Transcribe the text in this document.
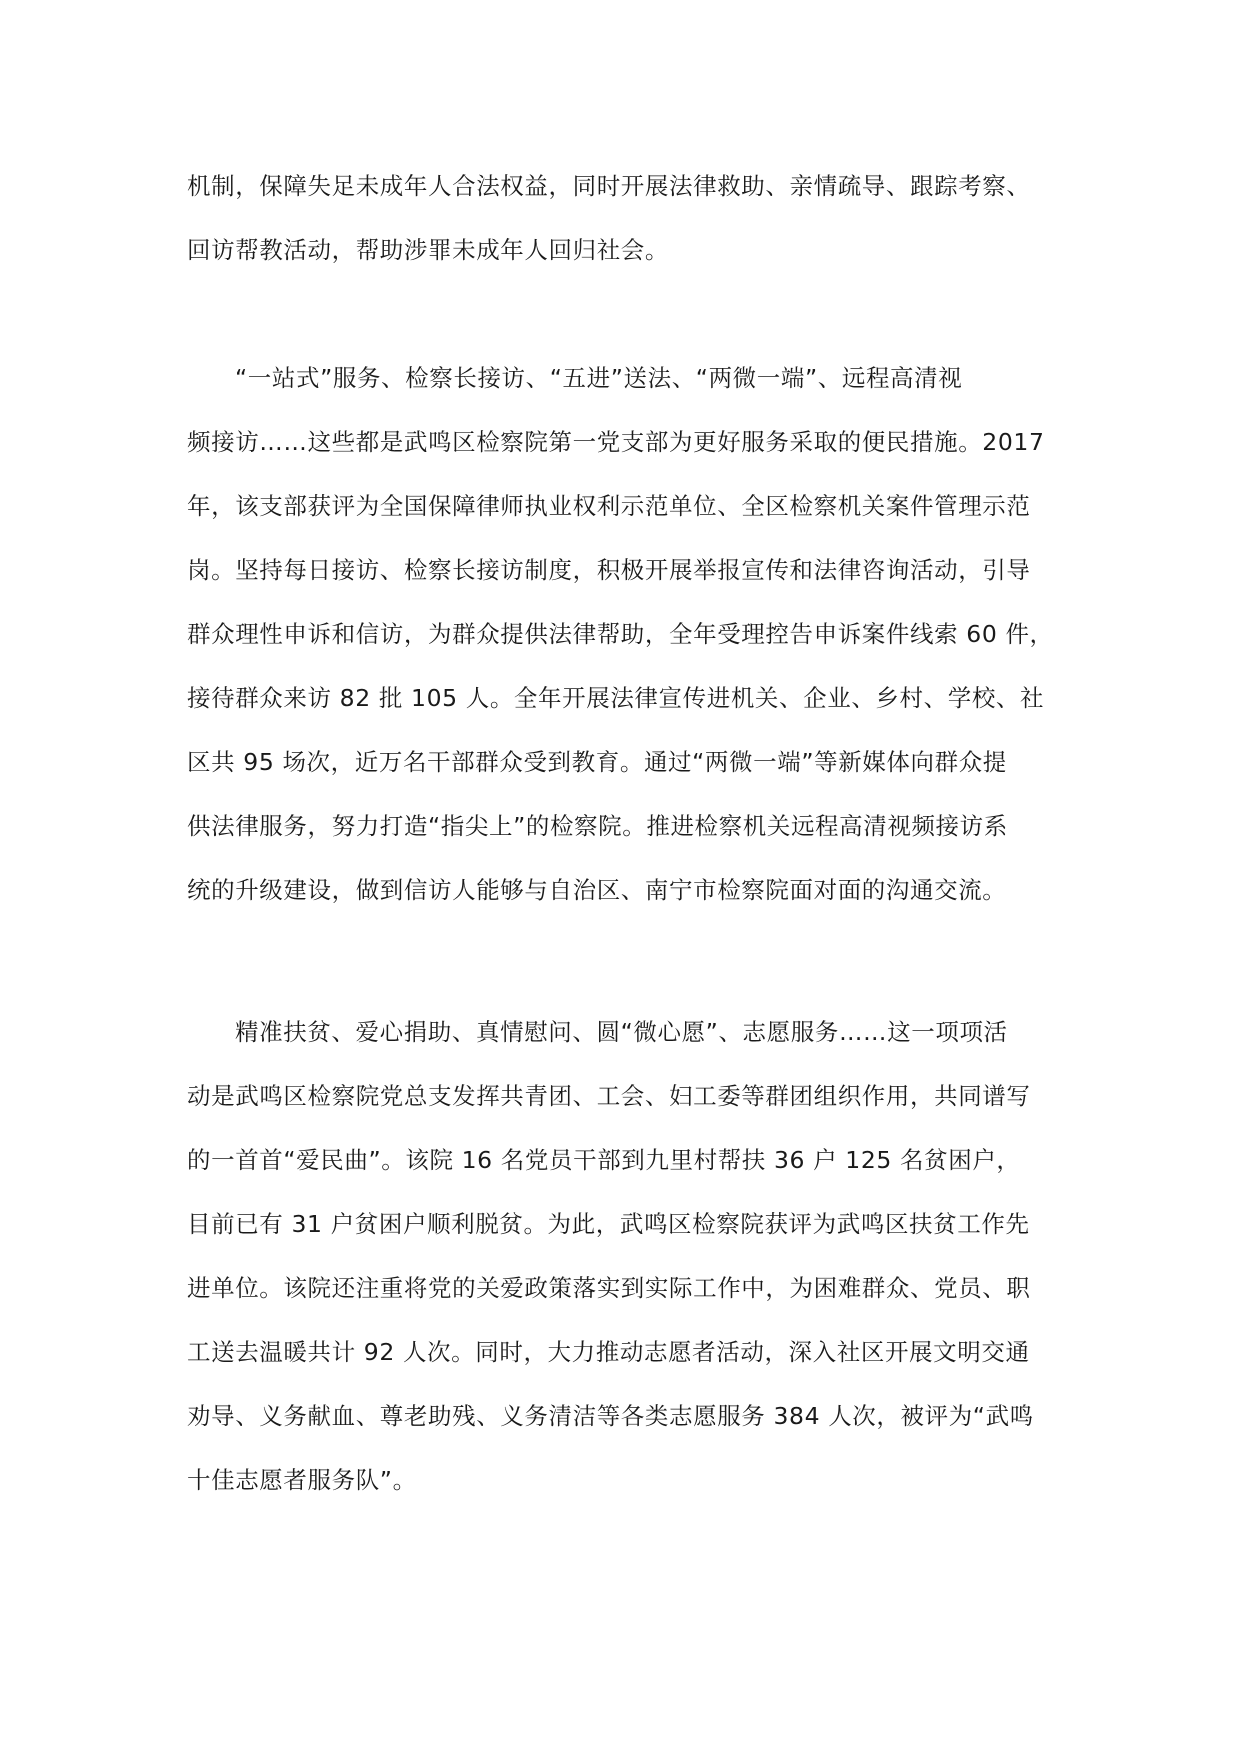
机制，保障失足未成年人合法权益，同时开展法律救助、亲情疏导、跟踪考察、
回访帮教活动，帮助涉罪未成年人回归社会。
“一站式”服务、检察长接访、“五进”送法、“两微一端”、远程高清视
频接访……这些都是武鸣区检察院第一党支部为更好服务采取的便民措施。2017
年，该支部获评为全国保障律师执业权利示范单位、全区检察机关案件管理示范
岗。坚持每日接访、检察长接访制度，积极开展举报宣传和法律咨询活动，引导
群众理性申诉和信访，为群众提供法律帮助，全年受理控告申诉案件线索 60 件，
接待群众来访 82 批 105 人。全年开展法律宣传进机关、企业、乡村、学校、社
区共 95 场次，近万名干部群众受到教育。通过“两微一端”等新媒体向群众提
供法律服务，努力打造“指尖上”的检察院。推进检察机关远程高清视频接访系
统的升级建设，做到信访人能够与自治区、南宁市检察院面对面的沟通交流。
精准扶贫、爱心捐助、真情慰问、圆“微心愿”、志愿服务……这一项项活
动是武鸣区检察院党总支发挥共青团、工会、妇工委等群团组织作用，共同谱写
的一首首“爱民曲”。该院 16 名党员干部到九里村帮扶 36 户 125 名贫困户，
目前已有 31 户贫困户顺利脱贫。为此，武鸣区检察院获评为武鸣区扶贫工作先
进单位。该院还注重将党的关爱政策落实到实际工作中，为困难群众、党员、职
工送去温暖共计 92 人次。同时，大力推动志愿者活动，深入社区开展文明交通
劝导、义务献血、尊老助残、义务清洁等各类志愿服务 384 人次，被评为“武鸣
十佳志愿者服务队”。
